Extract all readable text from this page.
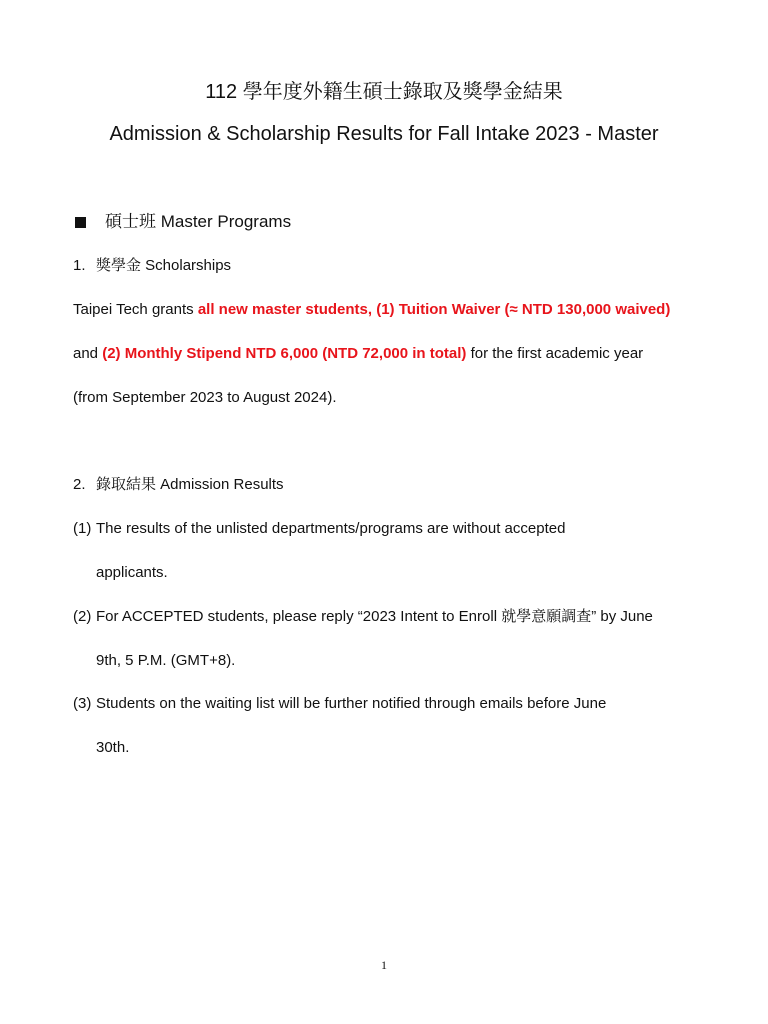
112 學年度外籍生碩士錄取及獎學金結果
Admission & Scholarship Results for Fall Intake 2023 - Master
碩士班 Master Programs
1. 獎學金 Scholarships
Taipei Tech grants all new master students, (1) Tuition Waiver (≈ NTD 130,000 waived)
and (2) Monthly Stipend NTD 6,000 (NTD 72,000 in total) for the first academic year
(from September 2023 to August 2024).
2. 錄取結果 Admission Results
(1) The results of the unlisted departments/programs are without accepted
applicants.
(2) For ACCEPTED students, please reply “2023 Intent to Enroll 就學意願調查” by June
9th, 5 P.M. (GMT+8).
(3) Students on the waiting list will be further notified through emails before June
30th.
1
